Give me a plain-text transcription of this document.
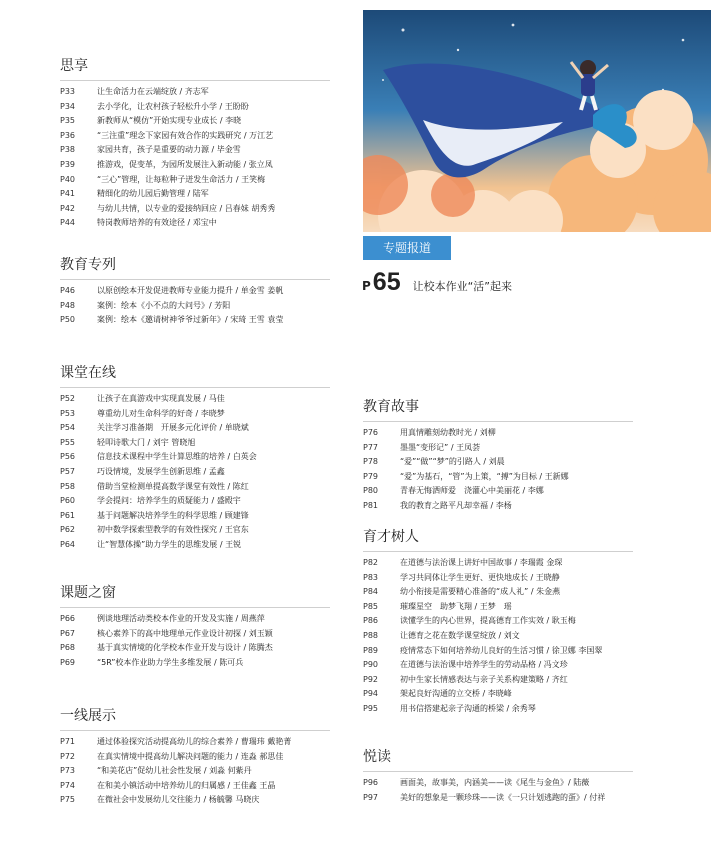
思享
P33	让生命活力在云端绽放 / 齐志军
P34	去小学化，让农村孩子轻松升小学 / 王盼盼
P35	新教师从“模仿”开始实现专业成长 / 李晓
P36	“三注重”理念下家园有效合作的实践研究 / 万江艺
P38	家园共育，孩子是重要的动力源 / 毕金雪
P39	推游戏，促变革，为园所发展注入新动能 / 张立凤
P40	“三心”管理，让每粒种子迸发生命活力 / 王笑梅
P41	精细化的幼儿园后勤管理 / 陆军
P42	与幼儿共情，以专业的爱接纳回应 / 吕春妹 胡秀秀
P44	特岗教师培养的有效途径 / 邓宝中
教育专列
P46	以原创绘本开发促进教师专业能力提升 / 单金雪 姜帆
P48	案例：绘本《小不点的大问号》/ 芳阳
P50	案例：绘本《邀请树神爷爷过新年》/ 宋琦 王雪 袁莹
课堂在线
P52	让孩子在真游戏中实现真发展 / 马佳
P53	尊重幼儿对生命科学的好奇 / 李晓梦
P54	关注学习准备期　开展多元化评价 / 单晓斌
P55	轻叩诗歌大门 / 刘宇 管晓旭
P56	信息技术课程中学生计算思维的培养 / 白英会
P57	巧设情境，发展学生创新思维 / 孟鑫
P58	借助当堂检测单提高数学课堂有效性 / 陈红
P60	学会提问：培养学生的质疑能力 / 盛殿宇
P61	基于问题解决培养学生的科学思维 / 顾建锋
P62	初中数学探索型教学的有效性探究 / 王官东
P64	让“智慧体操”助力学生的思维发展 / 王锐
课题之窗
P66	例谈地理活动类校本作业的开发及实施 / 周燕萍
P67	核心素养下的高中地理单元作业设计初探 / 刘玉颖
P68	基于真实情境的化学校本作业开发与设计 / 陈腾杰
P69	“5R”校本作业助力学生多维发展 / 陈可兵
一线展示
P71	通过体验探究活动提高幼儿的综合素养 / 曹瑞玮 戴艳菁
P72	在真实情境中提高幼儿解决问题的能力 / 连淼 郝思佳
P73	“和美花店”促幼儿社会性发展 / 刘淼 何紫丹
P74	在和美小镇活动中培养幼儿的归属感 / 王佳鑫 王晶
P75	在微社会中发展幼儿交往能力 / 杨毓馨 马晓庆
教育故事
P76	用真情雕刻幼教时光 / 刘柳
P77	墨墨“变形记” / 王凤荟
P78	“爱”“做”“梦”的引路人 / 刘晨
P79	“爱”为基石，“管”为上策，“搏”为目标 / 王新娜
P80	青春无悔洒师爱　浇灌心中美丽花 / 李娜
P81	我的教育之路平凡却幸福 / 李杨
育才树人
P82	在道德与法治课上讲好中国故事 / 李瑞霞 金琛
P83	学习共同体让学生更好、更快地成长 / 王晓静
P84	幼小衔接是需要精心准备的“成人礼” / 朱金燕
P85	璀璨星空　助梦飞翔 / 王梦　瑶
P86	读懂学生的内心世界，提高德育工作实效 / 耿玉梅
P88	让德育之花在数学课堂绽放 / 刘文
P89	疫情常态下如何培养幼儿良好的生活习惯 / 徐卫娜 李国翠
P90	在道德与法治课中培养学生的劳动品格 / 冯文珍
P92	初中生家长情感表达与亲子关系构建策略 / 齐红
P94	架起良好沟通的立交桥 / 李晓峰
P95	用书信搭建起亲子沟通的桥梁 / 余秀琴
悦读
P96	画面美，故事美，内涵美——读《尾生与金鱼》/ 陆薇
P97	美好的想象是一颗珍珠——读《一只计划逃跑的蛋》/ 付祥
专题报道
P 65 让校本作业“活”起来
